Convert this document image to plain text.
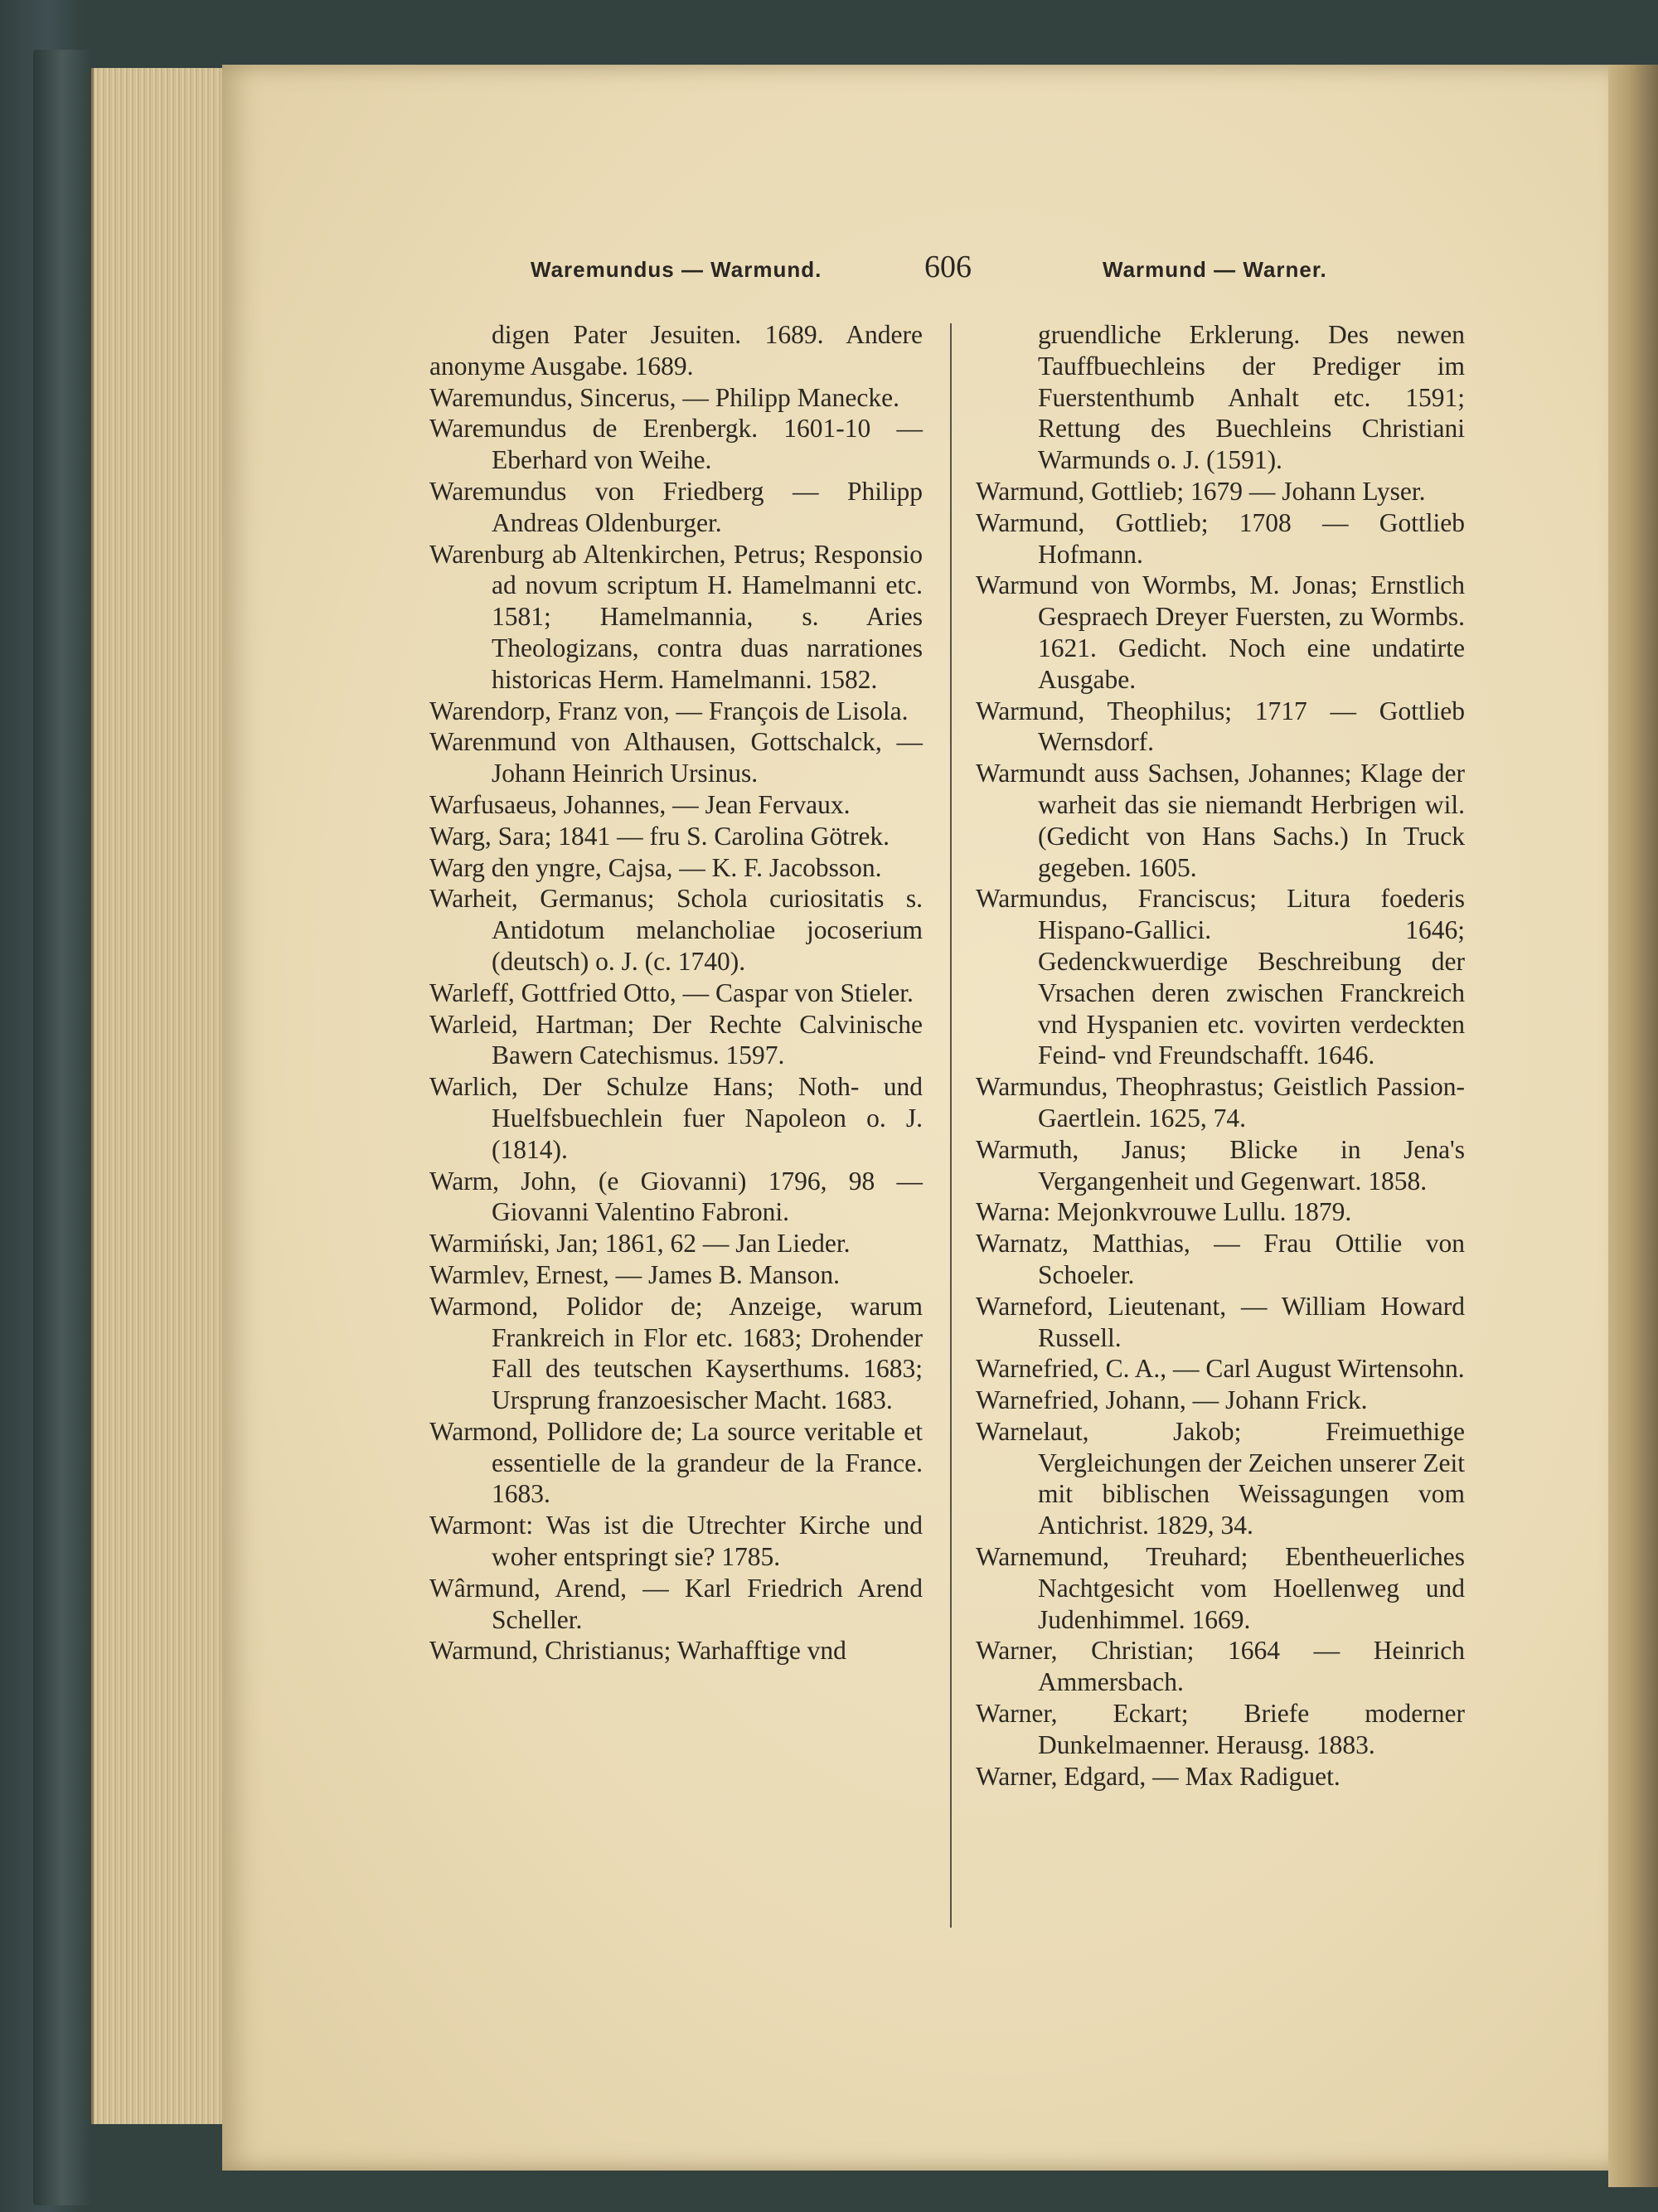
Waremundus — Warmund.	606	Warmund — Warner.

digen Pater Jesuiten. 1689. Andere anonyme Ausgabe. 1689.

Waremundus, Sincerus, — Philipp Manecke.

Waremundus de Erenbergk. 1601-10 — Eberhard von Weihe.

Waremundus von Friedberg — Philipp Andreas Oldenburger.

Warenburg ab Altenkirchen, Petrus; Responsio ad novum scriptum H. Hamelmanni etc. 1581; Hamelmannia, s. Aries Theologizans, contra duas narrationes historicas Herm. Hamelmanni. 1582.

Warendorp, Franz von, — François de Lisola.

Warenmund von Althausen, Gottschalck, — Johann Heinrich Ursinus.

Warfusaeus, Johannes, — Jean Fervaux.

Warg, Sara; 1841 — fru S. Carolina Götrek.

Warg den yngre, Cajsa, — K. F. Jacobsson.

Warheit, Germanus; Schola curiositatis s. Antidotum melancholiae jocoserium (deutsch) o. J. (c. 1740).

Warleff, Gottfried Otto, — Caspar von Stieler.

Warleid, Hartman; Der Rechte Calvinische Bawern Catechismus. 1597.

Warlich, Der Schulze Hans; Noth- und Huelfsbuechlein fuer Napoleon o. J. (1814).

Warm, John, (e Giovanni) 1796, 98 — Giovanni Valentino Fabroni.

Warmiński, Jan; 1861, 62 — Jan Lieder.

Warmlev, Ernest, — James B. Manson.

Warmond, Polidor de; Anzeige, warum Frankreich in Flor etc. 1683; Drohender Fall des teutschen Kayserthums. 1683; Ursprung franzoesischer Macht. 1683.

Warmond, Pollidore de; La source veritable et essentielle de la grandeur de la France. 1683.

Warmont: Was ist die Utrechter Kirche und woher entspringt sie? 1785.

Wârmund, Arend, — Karl Friedrich Arend Scheller.

Warmund, Christianus; Warhafftige vnd

gruendliche Erklerung. Des newen Tauffbuechleins der Prediger im Fuerstenthumb Anhalt etc. 1591; Rettung des Buechleins Christiani Warmunds o. J. (1591).

Warmund, Gottlieb; 1679 — Johann Lyser.

Warmund, Gottlieb; 1708 — Gottlieb Hofmann.

Warmund von Wormbs, M. Jonas; Ernstlich Gespraech Dreyer Fuersten, zu Wormbs. 1621. Gedicht. Noch eine undatirte Ausgabe.

Warmund, Theophilus; 1717 — Gottlieb Wernsdorf.

Warmundt auss Sachsen, Johannes; Klage der warheit das sie niemandt Herbrigen wil. (Gedicht von Hans Sachs.) In Truck gegeben. 1605.

Warmundus, Franciscus; Litura foederis Hispano-Gallici. 1646; Gedenckwuerdige Beschreibung der Vrsachen deren zwischen Franckreich vnd Hyspanien etc. vovirten verdeckten Feind- vnd Freundschafft. 1646.

Warmundus, Theophrastus; Geistlich Passion-Gaertlein. 1625, 74.

Warmuth, Janus; Blicke in Jena's Vergangenheit und Gegenwart. 1858.

Warna: Mejonkvrouwe Lullu. 1879.

Warnatz, Matthias, — Frau Ottilie von Schoeler.

Warneford, Lieutenant, — William Howard Russell.

Warnefried, C. A., — Carl August Wirtensohn.

Warnefried, Johann, — Johann Frick.

Warnelaut, Jakob; Freimuethige Vergleichungen der Zeichen unserer Zeit mit biblischen Weissagungen vom Antichrist. 1829, 34.

Warnemund, Treuhard; Ebentheuerliches Nachtgesicht vom Hoellenweg und Judenhimmel. 1669.

Warner, Christian; 1664 — Heinrich Ammersbach.

Warner, Eckart; Briefe moderner Dunkelmaenner. Herausg. 1883.

Warner, Edgard, — Max Radiguet.
